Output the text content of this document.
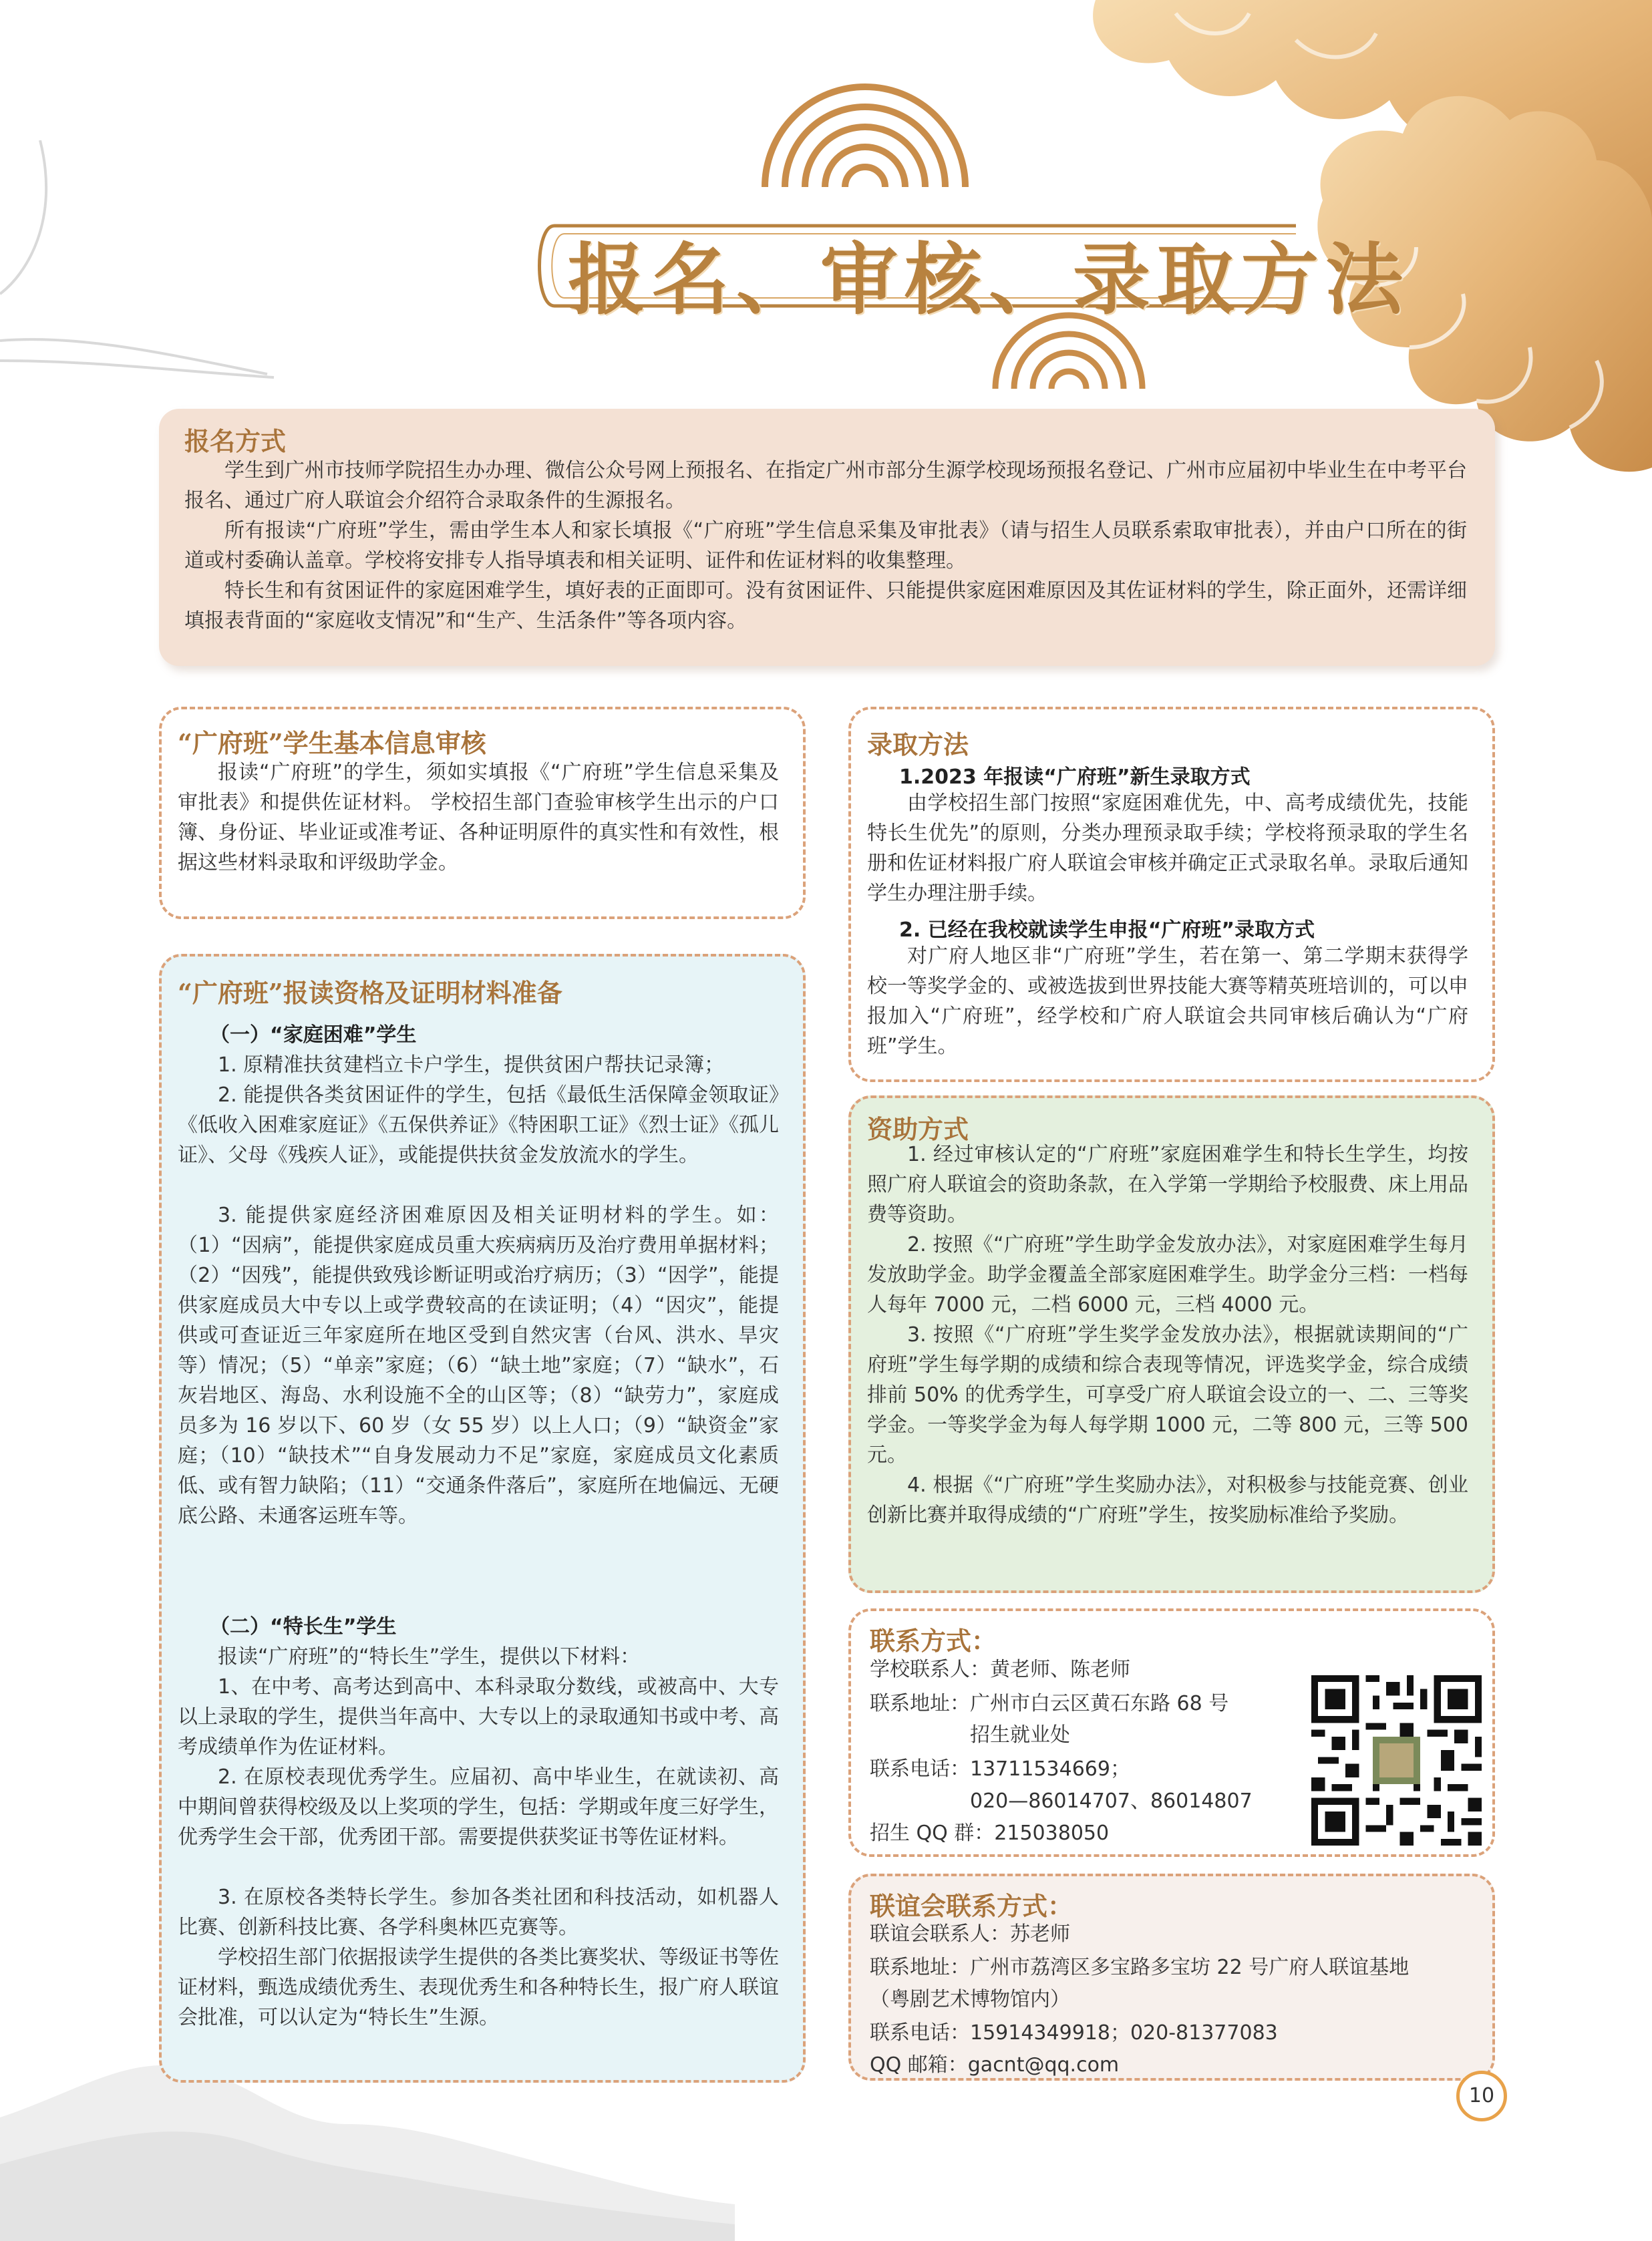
报名、审核、录取方法
报名方式

学生到广州市技师学院招生办办理、微信公众号网上预报名、在指定广州市部分生源学校现场预报名登记、广州市应届初中毕业生在中考平台报名、通过广府人联谊会介绍符合录取条件的生源报名。

所有报读“广府班”学生，需由学生本人和家长填报《“广府班”学生信息采集及审批表》（请与招生人员联系索取审批表），并由户口所在的街道或村委确认盖章。学校将安排专人指导填表和相关证明、证件和佐证材料的收集整理。

特长生和有贫困证件的家庭困难学生，填好表的正面即可。没有贫困证件、只能提供家庭困难原因及其佐证材料的学生，除正面外，还需详细填报表背面的“家庭收支情况”和“生产、生活条件”等各项内容。

“广府班”学生基本信息审核

报读“广府班”的学生，须如实填报《“广府班”学生信息采集及审批表》和提供佐证材料。 学校招生部门查验审核学生出示的户口簿、身份证、毕业证或准考证、各种证明原件的真实性和有效性，根据这些材料录取和评级助学金。

“广府班”报读资格及证明材料准备
（一）“家庭困难”学生

1. 原精准扶贫建档立卡户学生，提供贫困户帮扶记录簿；

2. 能提供各类贫困证件的学生，包括《最低生活保障金领取证》《低收入困难家庭证》《五保供养证》《特困职工证》《烈士证》《孤儿证》、父母《残疾人证》，或能提供扶贫金发放流水的学生。

3. 能提供家庭经济困难原因及相关证明材料的学生。如：（1）“因病”，能提供家庭成员重大疾病病历及治疗费用单据材料；（2）“因残”，能提供致残诊断证明或治疗病历；（3）“因学”，能提供家庭成员大中专以上或学费较高的在读证明；（4）“因灾”，能提供或可查证近三年家庭所在地区受到自然灾害（台风、洪水、旱灾等）情况；（5）“单亲”家庭；（6）“缺土地”家庭；（7）“缺水”，石灰岩地区、海岛、水利设施不全的山区等；（8）“缺劳力”，家庭成员多为 16 岁以下、60 岁（女 55 岁）以上人口；（9）“缺资金”家庭；（10）“缺技术”“自身发展动力不足”家庭，家庭成员文化素质低、或有智力缺陷；（11）“交通条件落后”，家庭所在地偏远、无硬底公路、未通客运班车等。

（二）“特长生”学生

报读“广府班”的“特长生”学生，提供以下材料：

1、在中考、高考达到高中、本科录取分数线，或被高中、大专以上录取的学生，提供当年高中、大专以上的录取通知书或中考、高考成绩单作为佐证材料。

2. 在原校表现优秀学生。应届初、高中毕业生，在就读初、高中期间曾获得校级及以上奖项的学生，包括：学期或年度三好学生，优秀学生会干部，优秀团干部。需要提供获奖证书等佐证材料。

3. 在原校各类特长学生。参加各类社团和科技活动，如机器人比赛、创新科技比赛、各学科奥林匹克赛等。

学校招生部门依据报读学生提供的各类比赛奖状、等级证书等佐证材料，甄选成绩优秀生、表现优秀生和各种特长生，报广府人联谊会批准，可以认定为“特长生”生源。

录取方法
1.2023 年报读“广府班”新生录取方式

由学校招生部门按照“家庭困难优先，中、高考成绩优先，技能特长生优先”的原则，分类办理预录取手续；学校将预录取的学生名册和佐证材料报广府人联谊会审核并确定正式录取名单。录取后通知学生办理注册手续。

2. 已经在我校就读学生申报“广府班”录取方式

对广府人地区非“广府班”学生，若在第一、第二学期末获得学校一等奖学金的、或被选拔到世界技能大赛等精英班培训的，可以申报加入“广府班”，经学校和广府人联谊会共同审核后确认为“广府班”学生。

资助方式

1. 经过审核认定的“广府班”家庭困难学生和特长生学生，均按照广府人联谊会的资助条款，在入学第一学期给予校服费、床上用品费等资助。

2. 按照《“广府班”学生助学金发放办法》，对家庭困难学生每月发放助学金。助学金覆盖全部家庭困难学生。助学金分三档：一档每人每年 7000 元，二档 6000 元，三档 4000 元。

3. 按照《“广府班”学生奖学金发放办法》，根据就读期间的“广府班”学生每学期的成绩和综合表现等情况，评选奖学金，综合成绩排前 50% 的优秀学生，可享受广府人联谊会设立的一、二、三等奖学金。一等奖学金为每人每学期 1000 元，二等 800 元，三等 500 元。

4. 根据《“广府班”学生奖励办法》，对积极参与技能竞赛、创业创新比赛并取得成绩的“广府班”学生，按奖励标准给予奖励。

联系方式：
学校联系人：黄老师、陈老师
联系地址：广州市白云区黄石东路 68 号
招生就业处
联系电话：13711534669；
020—86014707、86014807
招生 QQ 群：215038050
联谊会联系方式：
联谊会联系人：苏老师
联系地址：广州市荔湾区多宝路多宝坊 22 号广府人联谊基地
（粤剧艺术博物馆内）
联系电话：15914349918；020-81377083
QQ 邮箱：gacnt@qq.com
10
